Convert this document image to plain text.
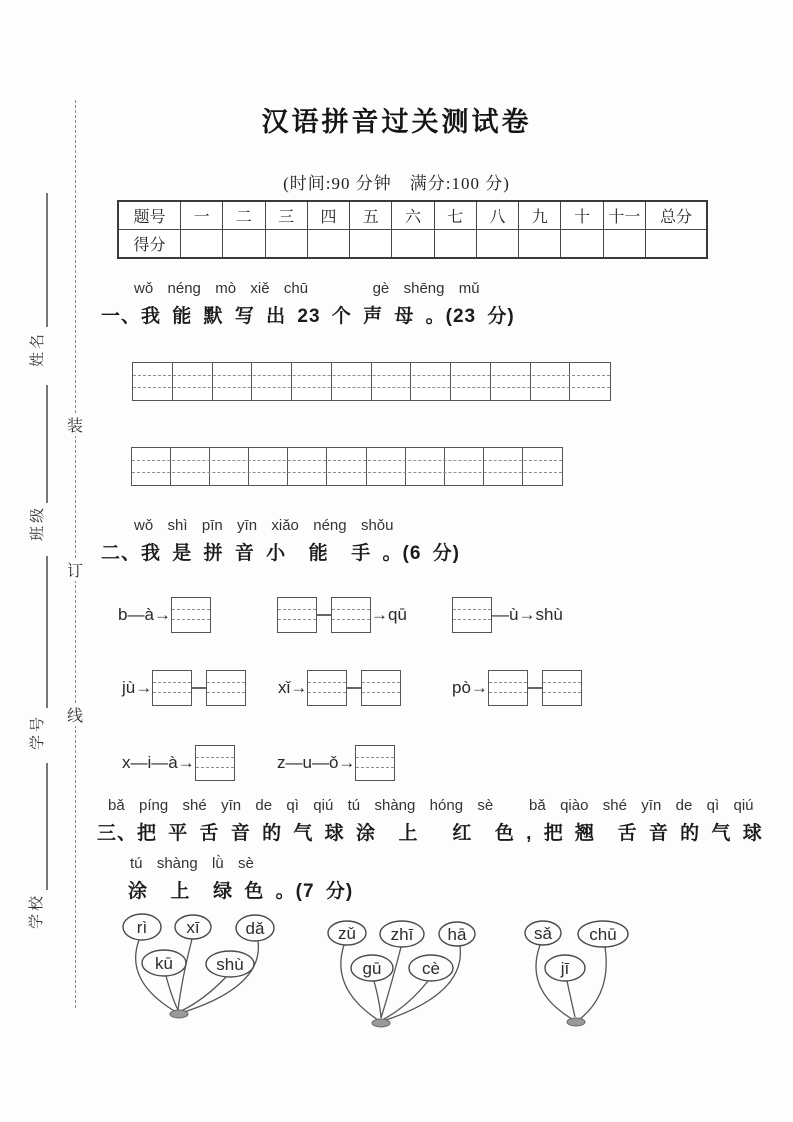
装
订
线
姓名
班级
学号
学校
汉语拼音过关测试卷
(时间:90 分钟　满分:100 分)
题号	一	二	三	四	五	六	七	八	九	十	十一	总分
得分
wǒ  néng  mò  xiě  chū         gè  shēng  mǔ
一、我 能 默 写 出 23 个 声 母 。(23 分)
wǒ  shì  pīn  yīn  xiǎo  néng  shǒu
二、我 是 拼 音 小  能  手 。(6 分)
b—à→	→qū	—ù→shù
jù→	xǐ→	pò→
x—i—à→	z—u—ǒ→
bǎ  píng  shé  yīn  de  qì  qiú  tú  shàng  hóng  sè     bǎ  qiào  shé  yīn  de  qì  qiú
三、把 平 舌 音 的 气 球 涂  上   红  色 , 把 翘  舌 音 的 气 球
tú  shàng  lǜ  sè
涂  上  绿 色 。(7 分)
rì xī	dǎ
kū	shù
zǔ zhī hā
gū cè
sǎ chū
jī
